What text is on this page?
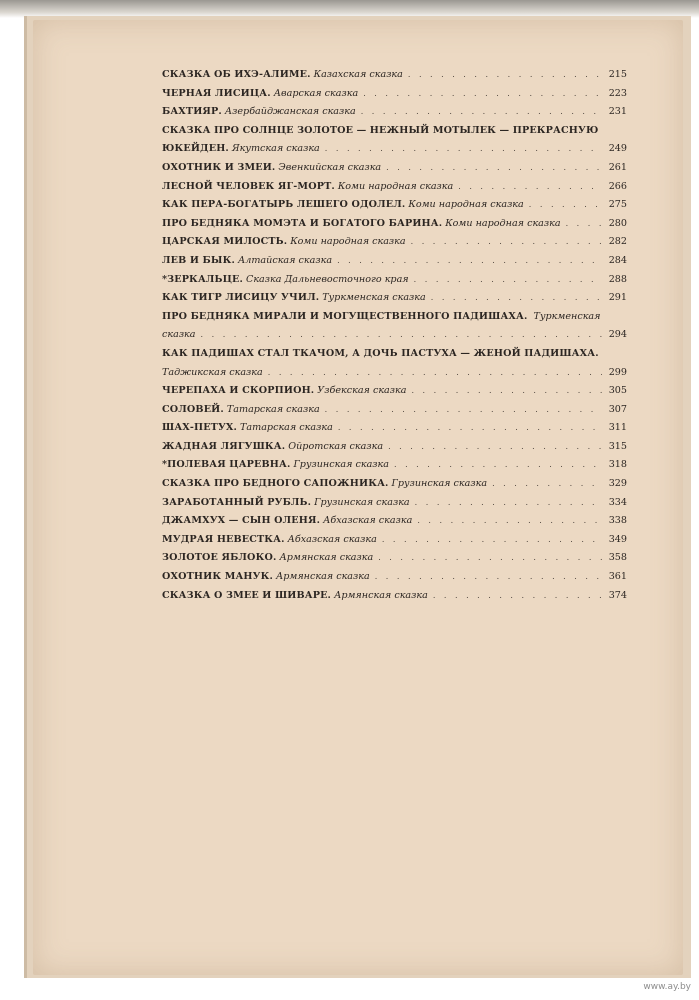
СКАЗКА ОБ ИХЭ-АЛИМЕ. Казахская сказка . . .	215
ЧЕРНАЯ ЛИСИЦА. Аварская сказка . . .	223
БАХТИЯР. Азербайджанская сказка . . .	231
СКАЗКА ПРО СОЛНЦЕ ЗОЛОТОЕ — НЕЖНЫЙ МОТЫЛЕК — ПРЕКРАСНУЮ
ЮКЕЙДЕН. Якутская сказка . . .	249
ОХОТНИК И ЗМЕИ. Эвенкийская сказка . . .	261
ЛЕСНОЙ ЧЕЛОВЕК ЯГ-МОРТ. Коми народная сказка . . .	266
КАК ПЕРА-БОГАТЫРЬ ЛЕШЕГО ОДОЛЕЛ. Коми народная сказка . . .	275
ПРО БЕДНЯКА МОМЭТА И БОГАТОГО БАРИНА. Коми народная сказка . . .	280
ЦАРСКАЯ МИЛОСТЬ. Коми народная сказка . . .	282
ЛЕВ И БЫК. Алтайская сказка . . .	284
*ЗЕРКАЛЬЦЕ. Сказка Дальневосточного края . . .	288
КАК ТИГР ЛИСИЦУ УЧИЛ. Туркменская сказка . . .	291
ПРО БЕДНЯКА МИРАЛИ И МОГУЩЕСТВЕННОГО ПАДИШАХА. Туркменская
сказка . . .	294
КАК ПАДИШАХ СТАЛ ТКАЧОМ, А ДОЧЬ ПАСТУХА — ЖЕНОЙ ПАДИШАХА.
Таджикская сказка . . .	299
ЧЕРЕПАХА И СКОРПИОН. Узбекская сказка . . .	305
СОЛОВЕЙ. Татарская сказка . . .	307
ШАХ-ПЕТУХ. Татарская сказка . . .	311
ЖАДНАЯ ЛЯГУШКА. Ойротская сказка . . .	315
*ПОЛЕВАЯ ЦАРЕВНА. Грузинская сказка . . .	318
СКАЗКА ПРО БЕДНОГО САПОЖНИКА. Грузинская сказка . . .	329
ЗАРАБОТАННЫЙ РУБЛЬ. Грузинская сказка . . .	334
ДЖАМХУХ — СЫН ОЛЕНЯ. Абхазская сказка . . .	338
МУДРАЯ НЕВЕСТКА. Абхазская сказка . . .	349
ЗОЛОТОЕ ЯБЛОКО. Армянская сказка . . .	358
ОХОТНИК МАНУК. Армянская сказка . . .	361
СКАЗКА О ЗМЕЕ И ШИВАРЕ. Армянская сказка . . .	374
www.ay.by
